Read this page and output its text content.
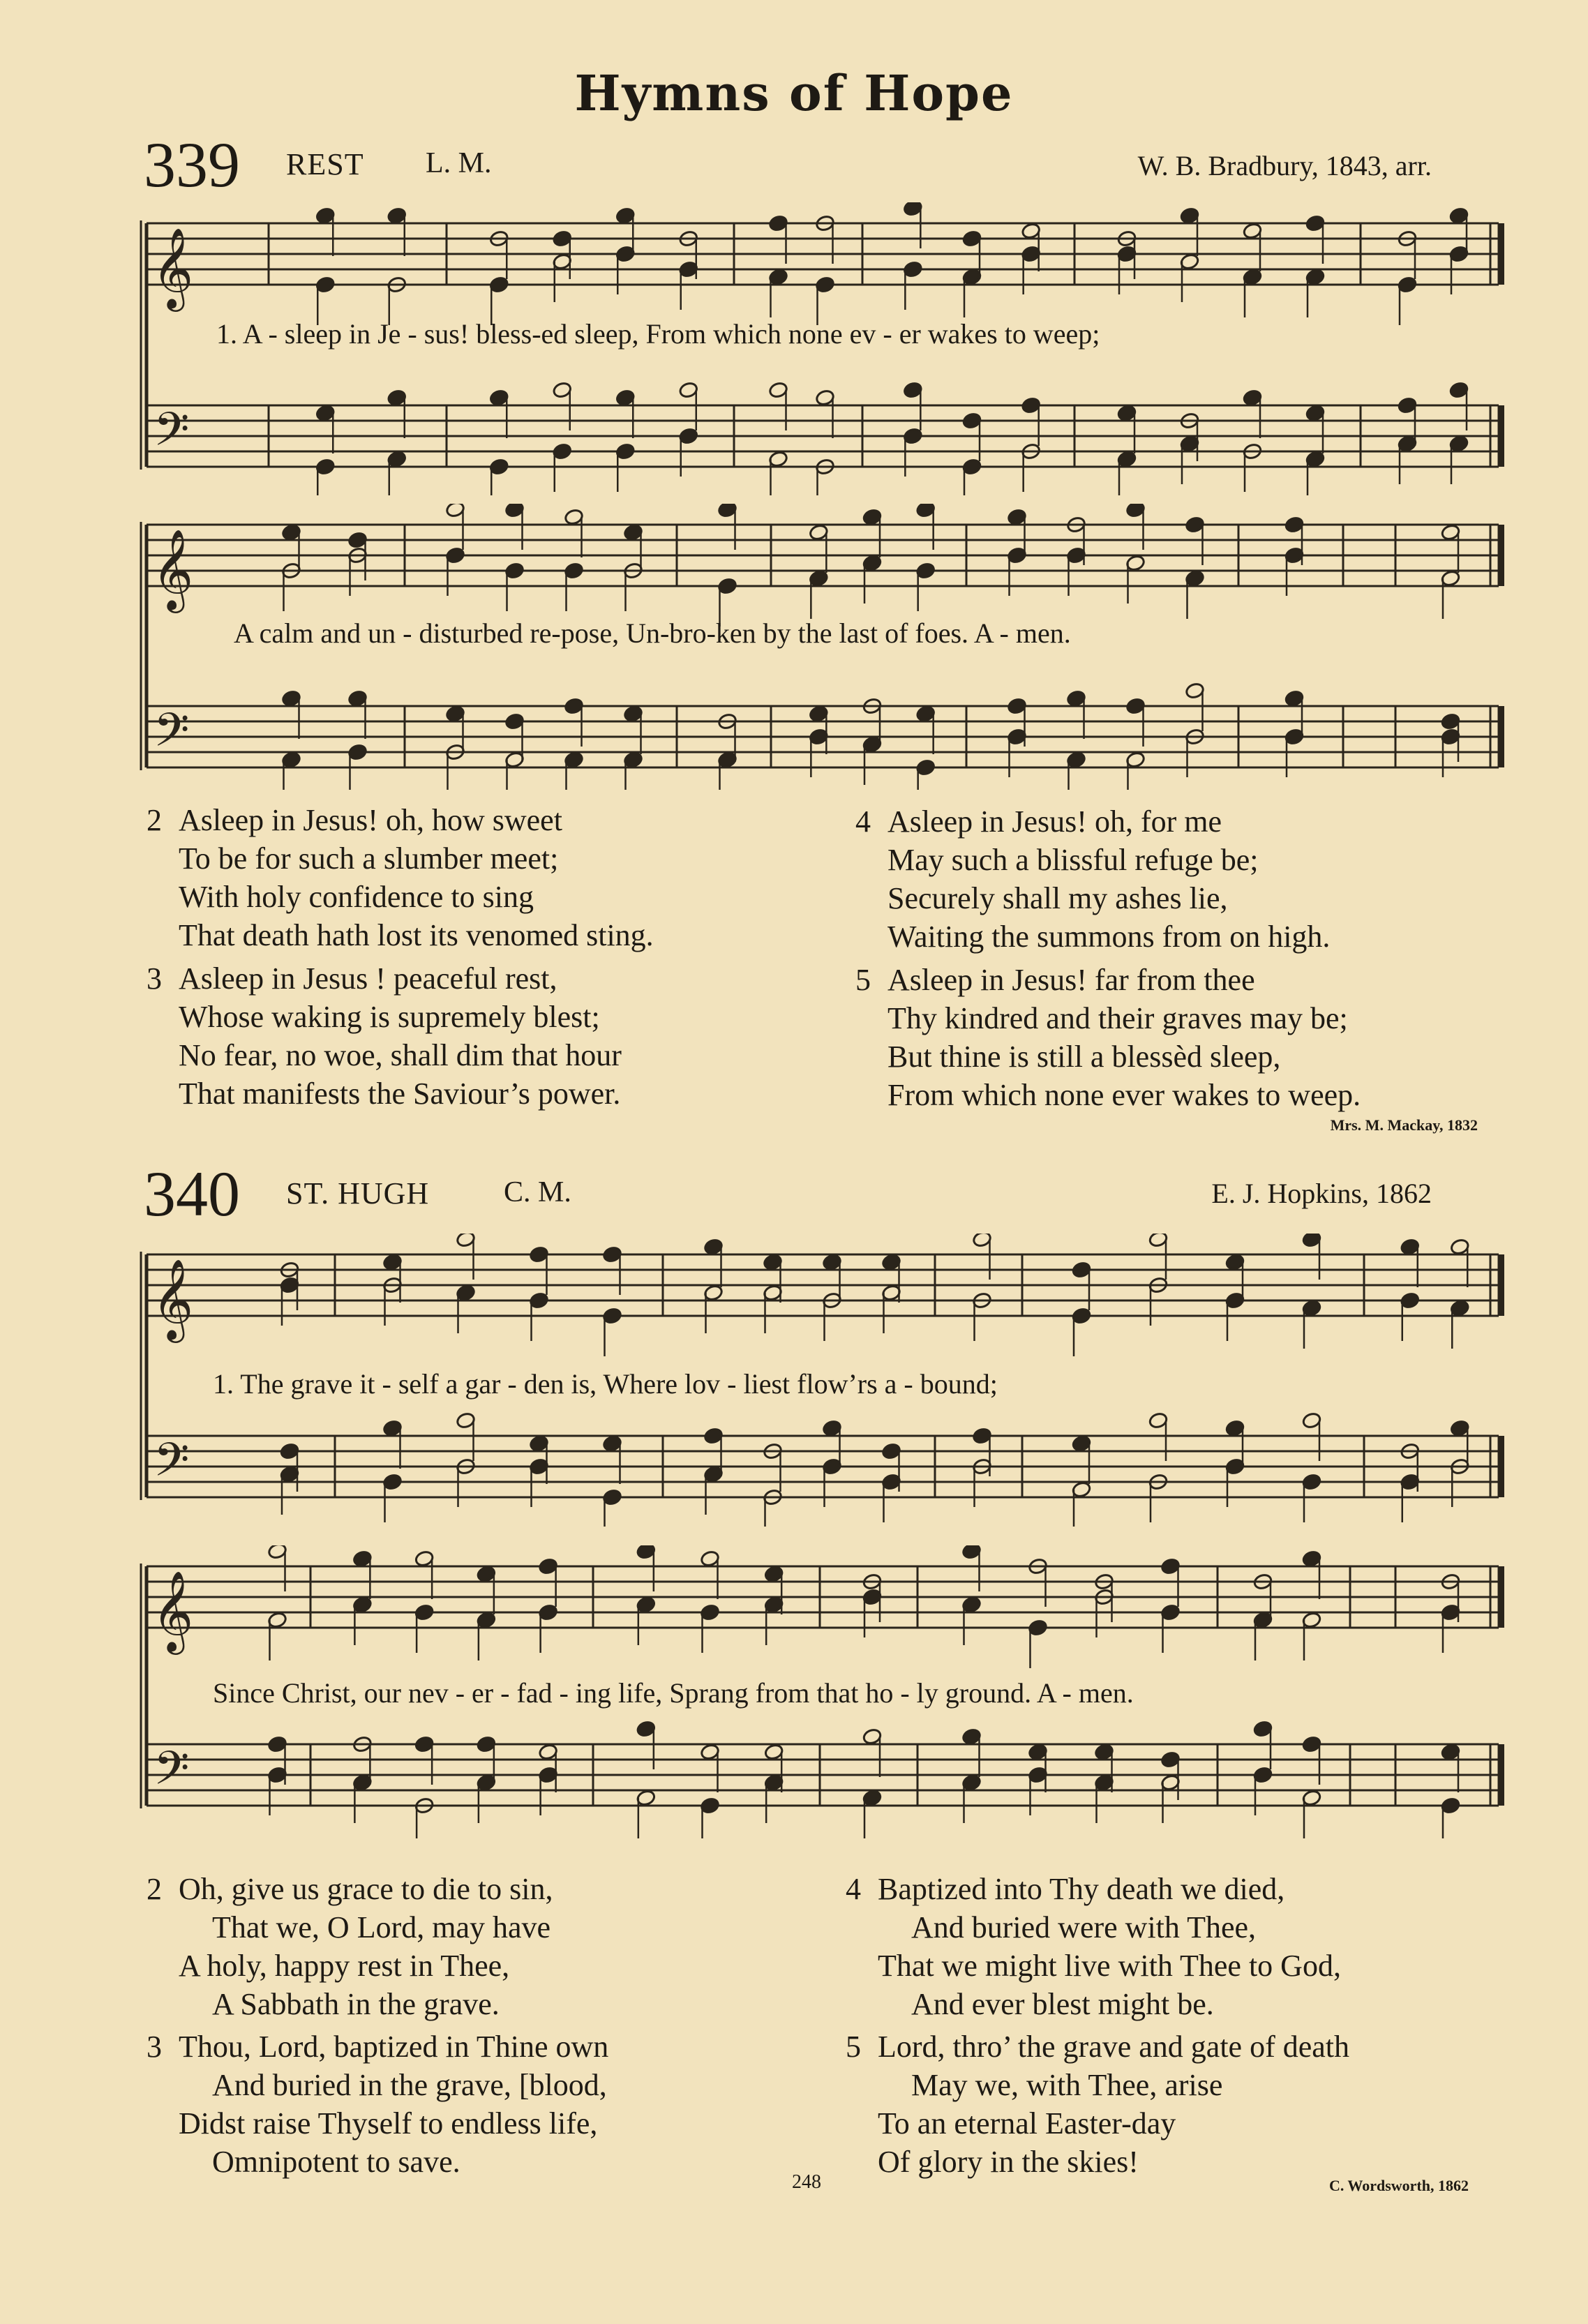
Hymns of Hope
339 REST L. M.	W. B. Bradbury, 1843, arr.
𝄞
𝄢
1. A - sleep in Je - sus! bless-ed sleep, From which none ev - er wakes to weep;
𝄞
𝄢
A calm and un - disturbed re-pose, Un-bro-ken by the last of foes. A - men.
2 Asleep in Jesus! oh, how sweet
To be for such a slumber meet;
With holy confidence to sing
That death hath lost its venomed sting.
3 Asleep in Jesus ! peaceful rest,
Whose waking is supremely blest;
No fear, no woe, shall dim that hour
That manifests the Saviour’s power.
4 Asleep in Jesus! oh, for me
May such a blissful refuge be;
Securely shall my ashes lie,
Waiting the summons from on high.
5 Asleep in Jesus! far from thee
Thy kindred and their graves may be;
But thine is still a blessèd sleep,
From which none ever wakes to weep.
Mrs. M. Mackay, 1832
340 ST. HUGH	C. M.	E. J. Hopkins, 1862
𝄞
𝄢
1. The grave it - self a gar - den is, Where lov - liest flow’rs a - bound;
𝄞
𝄢
Since Christ, our nev - er - fad - ing life, Sprang from that ho - ly ground. A - men.
2 Oh, give us grace to die to sin,
That we, O Lord, may have
A holy, happy rest in Thee,
A Sabbath in the grave.
3 Thou, Lord, baptized in Thine own
And buried in the grave, [blood,
Didst raise Thyself to endless life,
Omnipotent to save.
4 Baptized into Thy death we died,
And buried were with Thee,
That we might live with Thee to God,
And ever blest might be.
5 Lord, thro’ the grave and gate of death
May we, with Thee, arise
To an eternal Easter-day
Of glory in the skies!
248	C. Wordsworth, 1862
